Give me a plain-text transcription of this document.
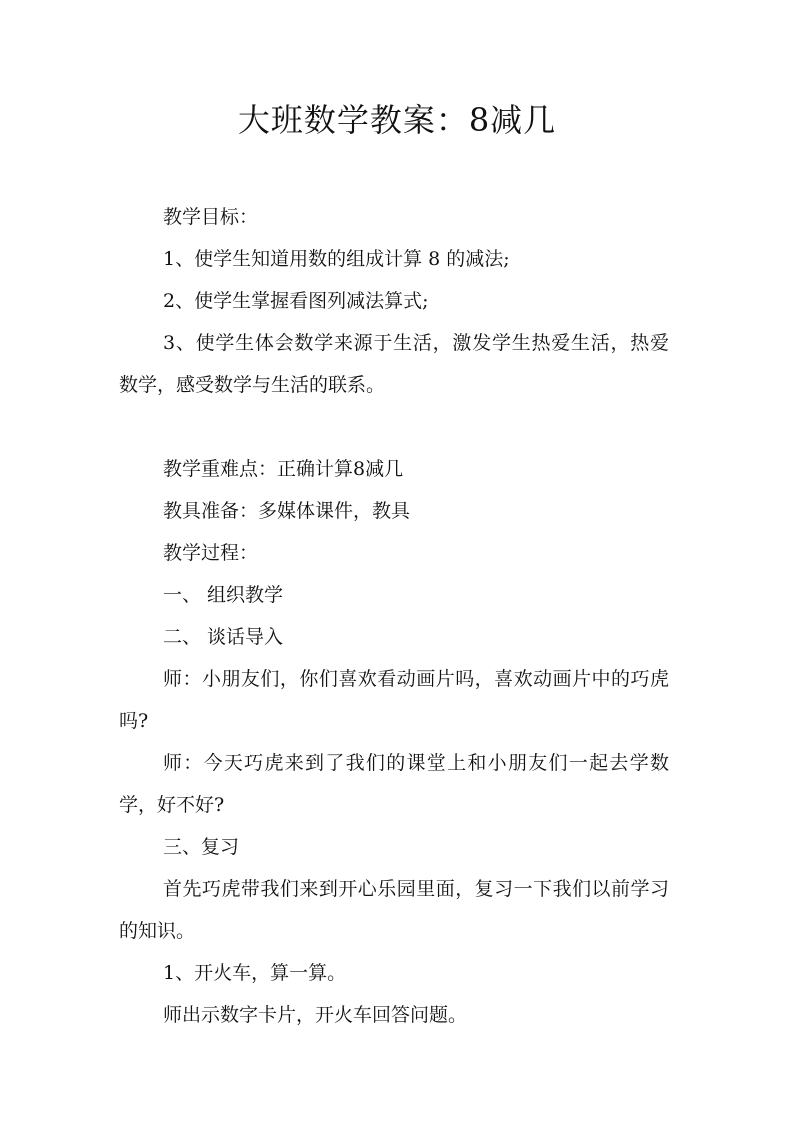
大班数学教案：8减几

教学目标：

1、使学生知道用数的组成计算 8 的减法;

2、使学生掌握看图列减法算式;

3、使学生体会数学来源于生活，激发学生热爱生活，热爱数学，感受数学与生活的联系。

教学重难点：正确计算8减几

教具准备：多媒体课件，教具

教学过程：

一、 组织教学

二、 谈话导入

师：小朋友们，你们喜欢看动画片吗，喜欢动画片中的巧虎吗?

师：今天巧虎来到了我们的课堂上和小朋友们一起去学数学，好不好?

三、复习

首先巧虎带我们来到开心乐园里面，复习一下我们以前学习的知识。

1、开火车，算一算。

师出示数字卡片，开火车回答问题。
